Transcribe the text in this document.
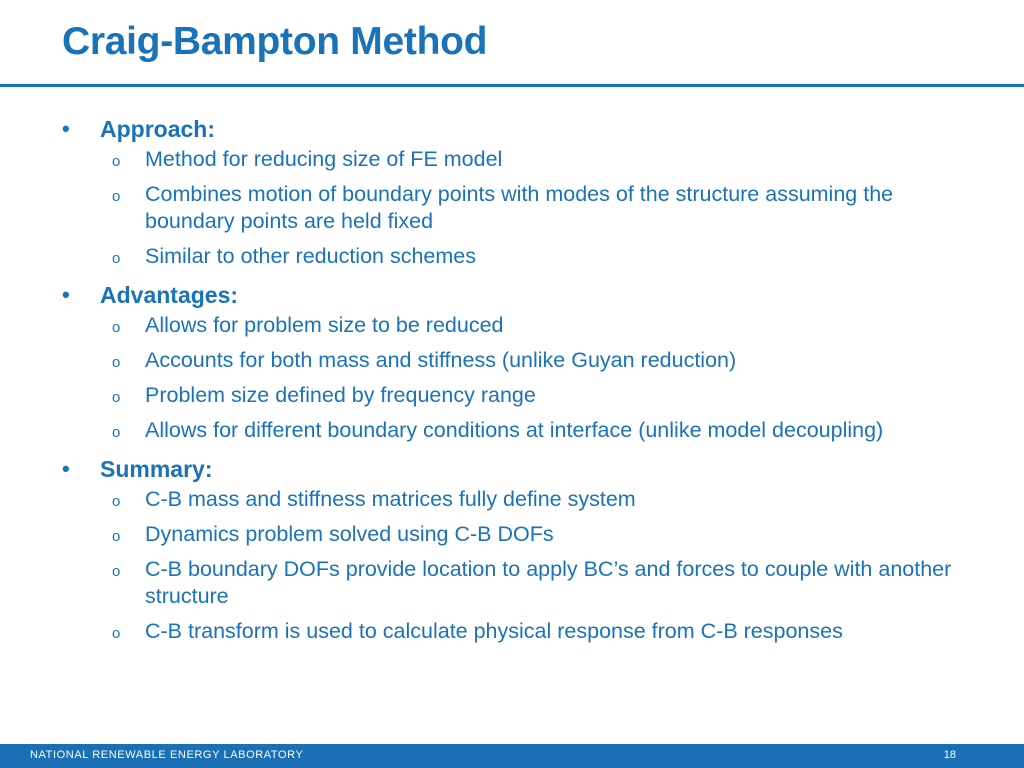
Craig-Bampton Method
• Approach:
o Method for reducing size of FE model
o Combines motion of boundary points with modes of the structure assuming the boundary points are held fixed
o Similar to other reduction schemes
• Advantages:
o Allows for problem size to be reduced
o Accounts for both mass and stiffness (unlike Guyan reduction)
o Problem size defined by frequency range
o Allows for different boundary conditions at interface (unlike model decoupling)
• Summary:
o C-B mass and stiffness matrices fully define system
o Dynamics problem solved using C-B DOFs
o C-B boundary DOFs provide location to apply BC’s and forces to couple with another structure
o C-B transform is used to calculate physical response from C-B responses
NATIONAL RENEWABLE ENERGY LABORATORY	18
